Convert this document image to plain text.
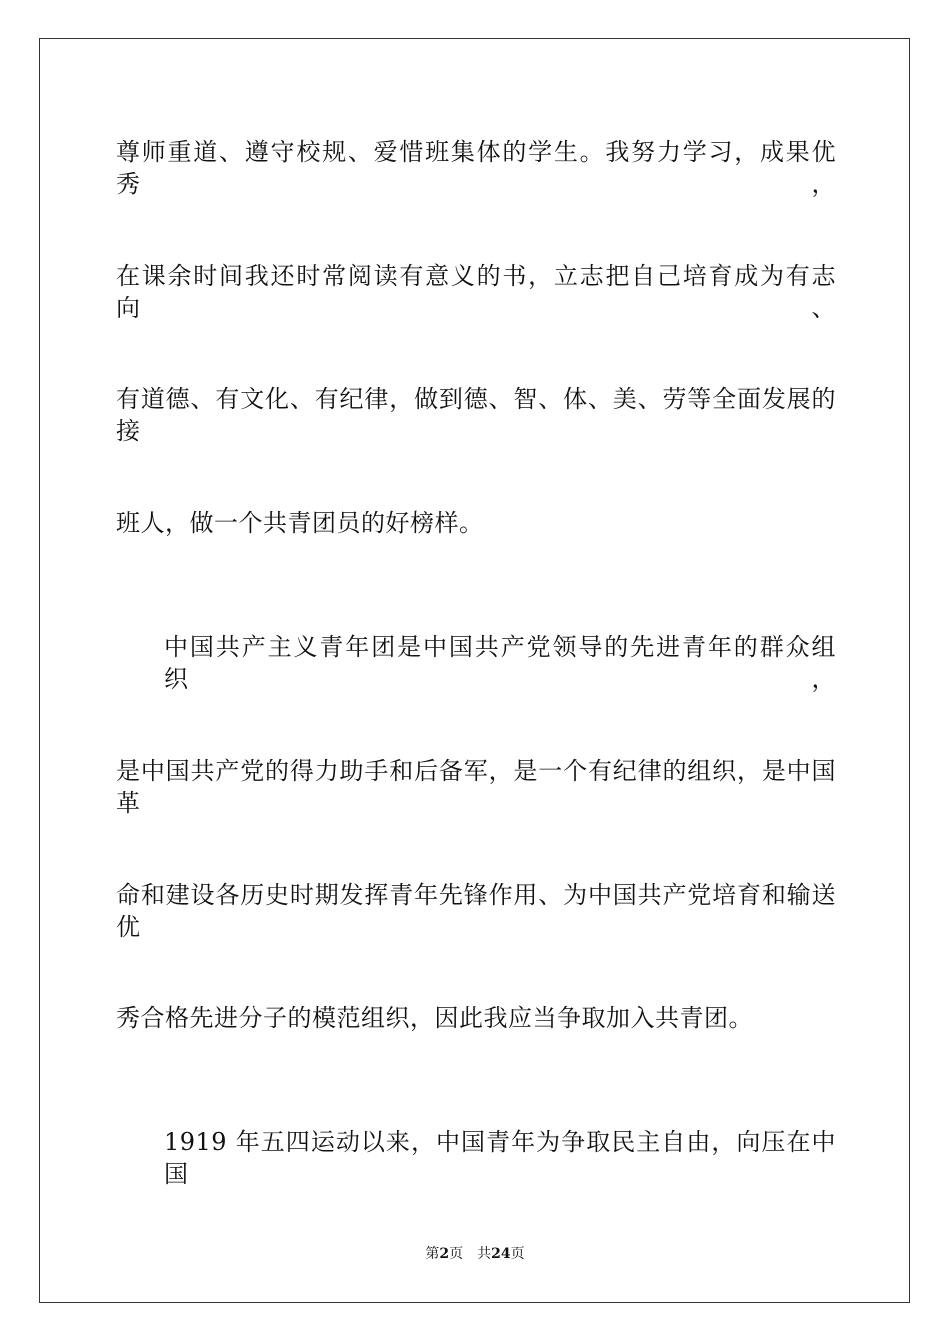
尊师重道、遵守校规、爱惜班集体的学生。我努力学习，成果优秀，
在课余时间我还时常阅读有意义的书，立志把自己培育成为有志向、
有道德、有文化、有纪律，做到德、智、体、美、劳等全面发展的接
班人，做一个共青团员的好榜样。
中国共产主义青年团是中国共产党领导的先进青年的群众组织，
是中国共产党的得力助手和后备军，是一个有纪律的组织，是中国革
命和建设各历史时期发挥青年先锋作用、为中国共产党培育和输送优
秀合格先进分子的模范组织，因此我应当争取加入共青团。
1919 年五四运动以来，中国青年为争取民主自由，向压在中国
第2页 共24页
